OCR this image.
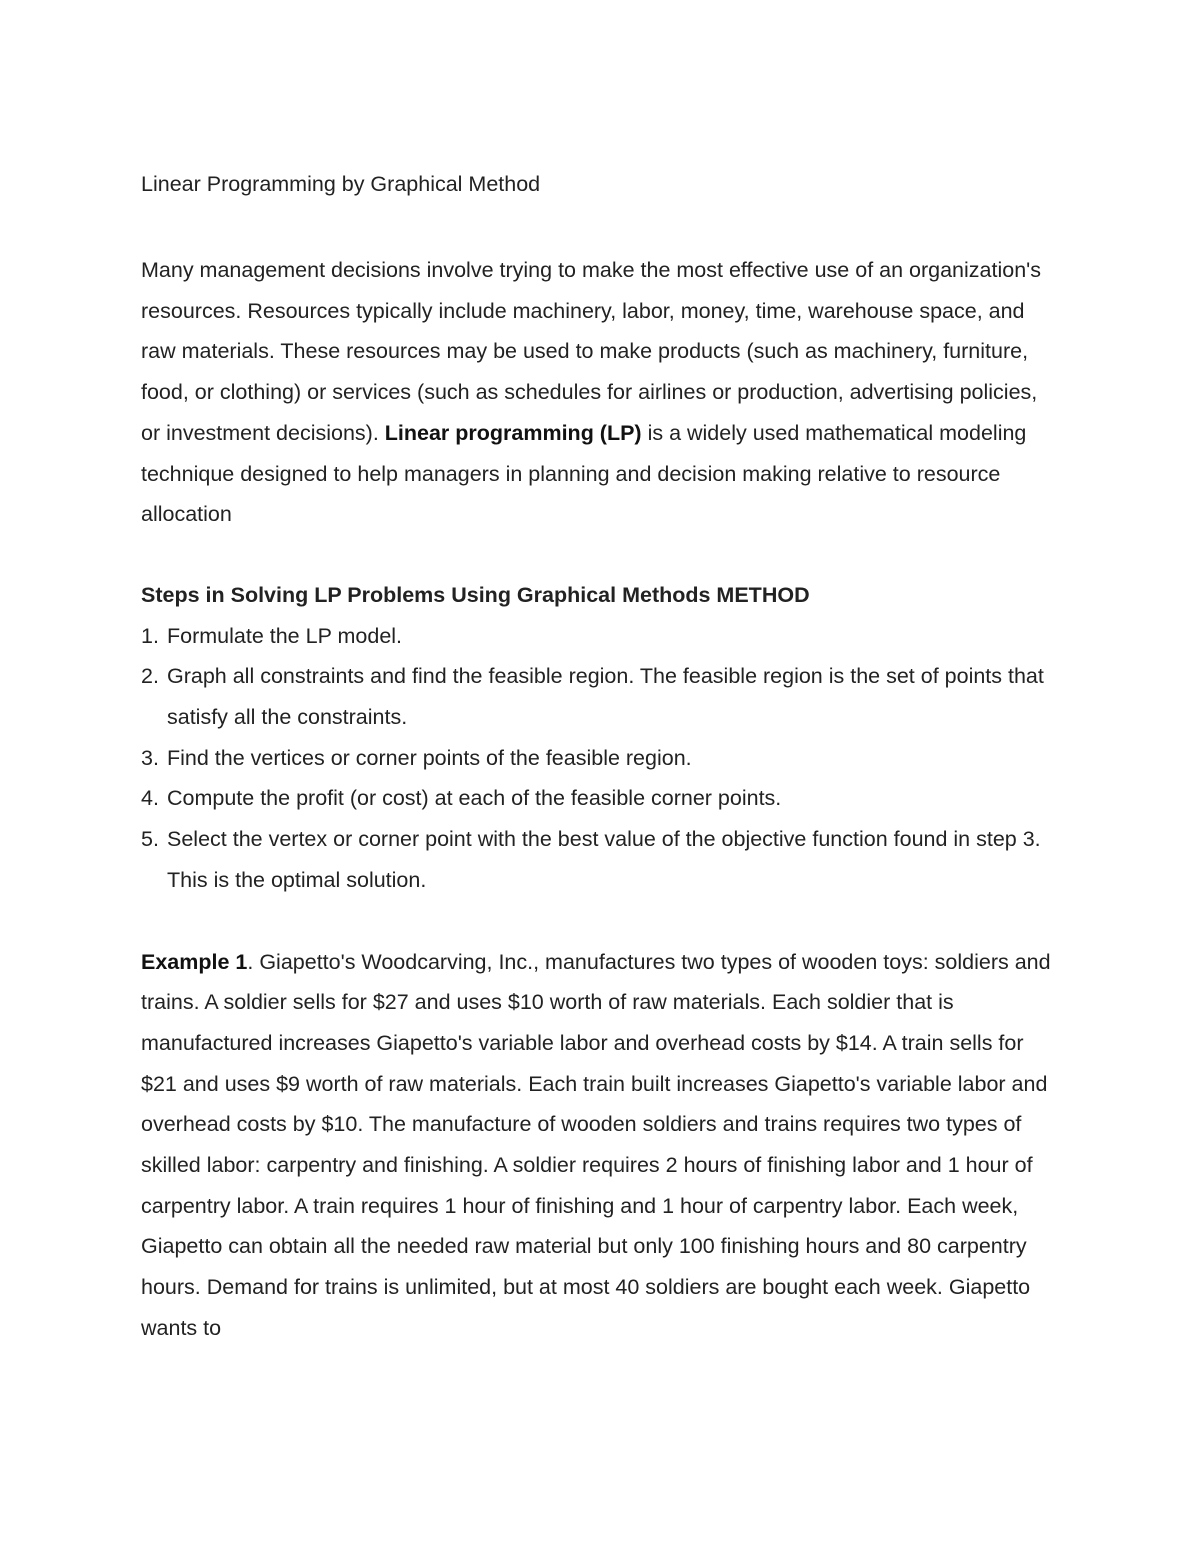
Linear Programming by Graphical Method

Many management decisions involve trying to make the most effective use of an organization's resources. Resources typically include machinery, labor, money, time, warehouse space, and raw materials. These resources may be used to make products (such as machinery, furniture, food, or clothing) or services (such as schedules for airlines or production, advertising policies, or investment decisions). Linear programming (LP) is a widely used mathematical modeling technique designed to help managers in planning and decision making relative to resource allocation

Steps in Solving LP Problems Using Graphical Methods METHOD
1. Formulate the LP model.
2. Graph all constraints and find the feasible region. The feasible region is the set of points that satisfy all the constraints.
3. Find the vertices or corner points of the feasible region.
4. Compute the profit (or cost) at each of the feasible corner points.
5. Select the vertex or corner point with the best value of the objective function found in step 3. This is the optimal solution.

Example 1. Giapetto's Woodcarving, Inc., manufactures two types of wooden toys: soldiers and trains. A soldier sells for $27 and uses $10 worth of raw materials. Each soldier that is manufactured increases Giapetto's variable labor and overhead costs by $14. A train sells for $21 and uses $9 worth of raw materials. Each train built increases Giapetto's variable labor and overhead costs by $10. The manufacture of wooden soldiers and trains requires two types of skilled labor: carpentry and finishing. A soldier requires 2 hours of finishing labor and 1 hour of carpentry labor. A train requires 1 hour of finishing and 1 hour of carpentry labor. Each week, Giapetto can obtain all the needed raw material but only 100 finishing hours and 80 carpentry hours. Demand for trains is unlimited, but at most 40 soldiers are bought each week. Giapetto wants to
